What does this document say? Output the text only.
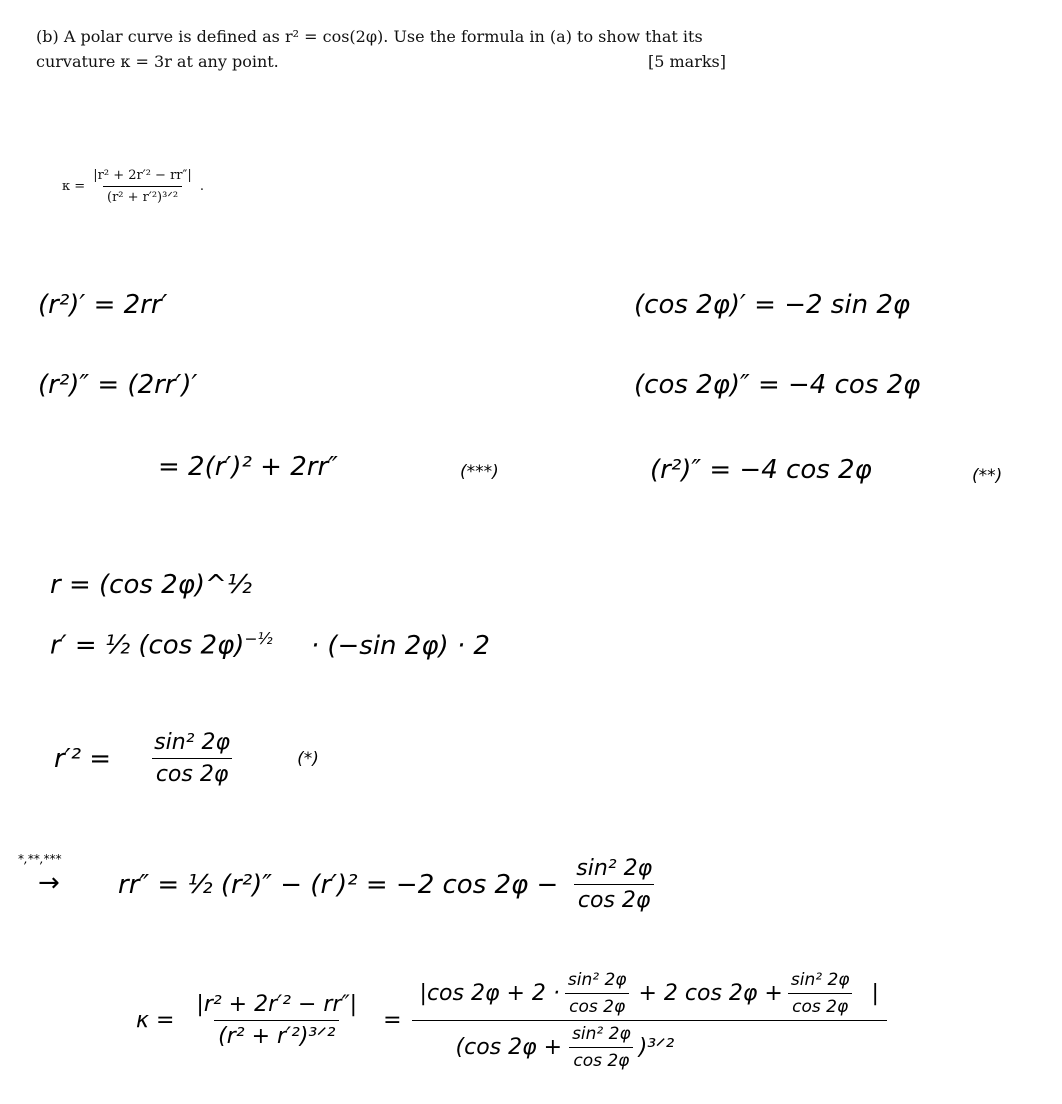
(b) A polar curve is defined as r² = cos(2φ). Use the formula in (a) to show that its
curvature κ = 3r at any point.	[5 marks]
$\kappa = \frac{\text{|r² + 2r′² − rr″|}}{\text{(r² + r′²)³ᐟ²}}$ .
(r²)′ = 2rr′
(r²)″ = (2rr′)′
= 2(r′)² + 2rr″	(***)
(cos 2φ)′ = −2 sin 2φ
(cos 2φ)″ = −4 cos 2φ
(r²)″ = −4 cos 2φ	(**)
r = (cos 2φ)^½
r′ = ½ (cos 2φ)$^{-\frac{1}{2}}$ · (−sin 2φ) · 2
$r'^2 = \frac{\text{sin² 2φ}}{\cos 2\varphi}$	(*)
*,**,***
→ rr″ = ½ (r²)″ − (r′)² = −2 $\cos 2\varphi - \frac{\text{sin² 2φ}}{\cos 2\varphi}$
$\kappa = \frac{\text{|r² + 2r′² − rr″|}}{\text{(r² + r′²)³ᐟ²}}$ =
|cos $2\varphi + 2 \cdot \frac{\text{sin² 2φ}}{\cos 2\varphi} + 2$ $\cos 2\varphi + \frac{\text{sin² 2φ}}{\cos 2\varphi}$ |
(cos $2\varphi + \frac{\text{sin² 2φ}}{\cos 2\varphi}$ )³ᐟ²
